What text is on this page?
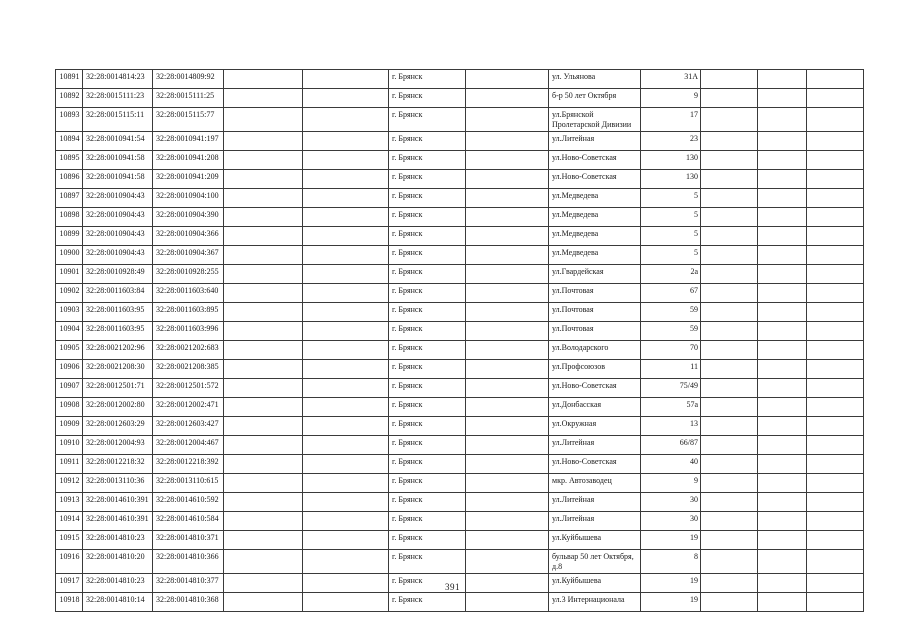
10891	32:28:0014814:23	32:28:0014809:92			г. Брянск		ул. Ульянова	31А			
10892	32:28:0015111:23	32:28:0015111:25			г. Брянск		б-р 50 лет Октября	9			
10893	32:28:0015115:11	32:28:0015115:77			г. Брянск		ул.Брянской Пролетарской Дивизии	17			
10894	32:28:0010941:54	32:28:0010941:197			г. Брянск		ул.Литейная	23			
10895	32:28:0010941:58	32:28:0010941:208			г. Брянск		ул.Ново-Советская	130			
10896	32:28:0010941:58	32:28:0010941:209			г. Брянск		ул.Ново-Советская	130			
10897	32:28:0010904:43	32:28:0010904:100			г. Брянск		ул.Медведева	5			
10898	32:28:0010904:43	32:28:0010904:390			г. Брянск		ул.Медведева	5			
10899	32:28:0010904:43	32:28:0010904:366			г. Брянск		ул.Медведева	5			
10900	32:28:0010904:43	32:28:0010904:367			г. Брянск		ул.Медведева	5			
10901	32:28:0010928:49	32:28:0010928:255			г. Брянск		ул.Гвардейская	2а			
10902	32:28:0011603:84	32:28:0011603:640			г. Брянск		ул.Почтовая	67			
10903	32:28:0011603:95	32:28:0011603:895			г. Брянск		ул.Почтовая	59			
10904	32:28:0011603:95	32:28:0011603:996			г. Брянск		ул.Почтовая	59			
10905	32:28:0021202:96	32:28:0021202:683			г. Брянск		ул.Володарского	70			
10906	32:28:0021208:30	32:28:0021208:385			г. Брянск		ул.Профсоюзов	11			
10907	32:28:0012501:71	32:28:0012501:572			г. Брянск		ул.Ново-Советская	75/49			
10908	32:28:0012002:80	32:28:0012002:471			г. Брянск		ул.Донбасская	57а			
10909	32:28:0012603:29	32:28:0012603:427			г. Брянск		ул.Окружная	13			
10910	32:28:0012004:93	32:28:0012004:467			г. Брянск		ул.Литейная	66/87			
10911	32:28:0012218:32	32:28:0012218:392			г. Брянск		ул.Ново-Советская	40			
10912	32:28:0013110:36	32:28:0013110:615			г. Брянск		мкр. Автозаводец	9			
10913	32:28:0014610:391	32:28:0014610:592			г. Брянск		ул.Литейная	30			
10914	32:28:0014610:391	32:28:0014610:584			г. Брянск		ул.Литейная	30			
10915	32:28:0014810:23	32:28:0014810:371			г. Брянск		ул.Куйбышева	19			
10916	32:28:0014810:20	32:28:0014810:366			г. Брянск		бульвар 50 лет Октября, д.8	8			
10917	32:28:0014810:23	32:28:0014810:377			г. Брянск		ул.Куйбышева	19			
10918	32:28:0014810:14	32:28:0014810:368			г. Брянск		ул.3 Интернационала	19			
391
